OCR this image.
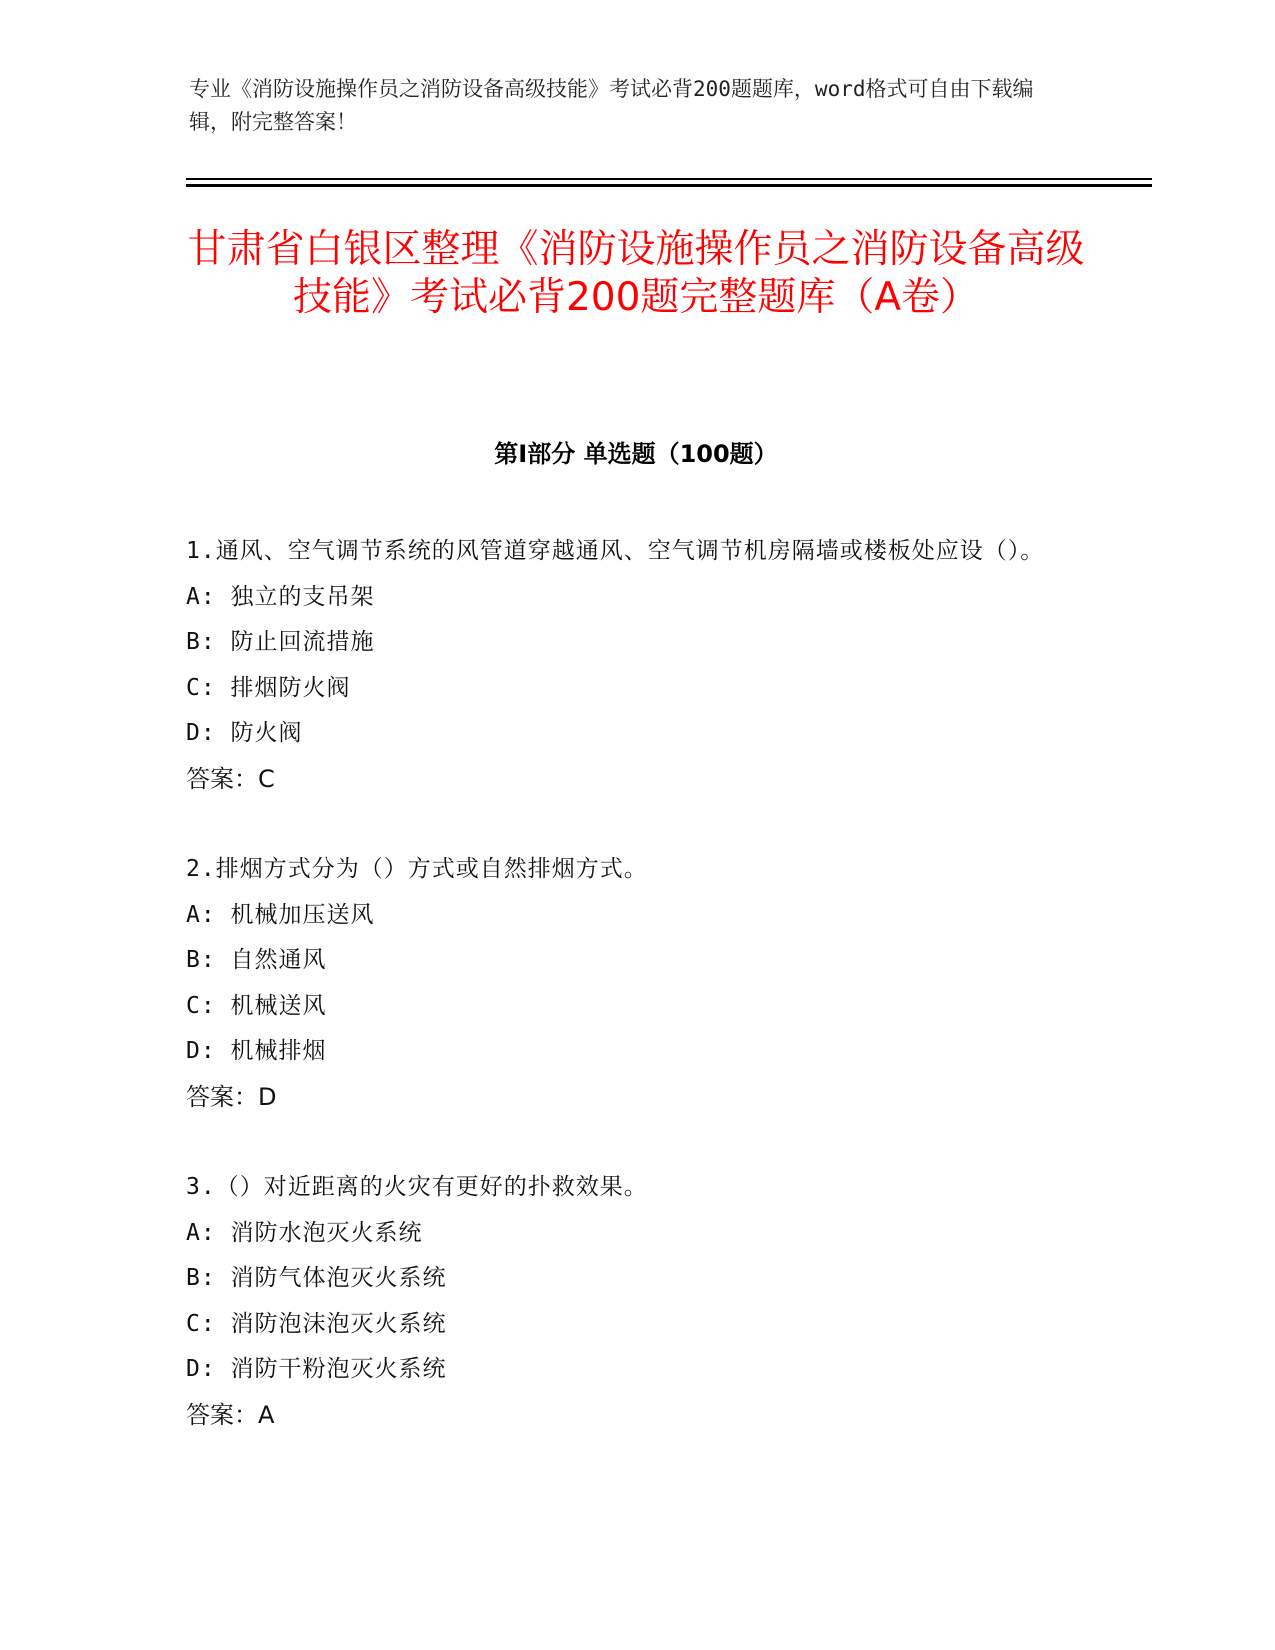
专业《消防设施操作员之消防设备高级技能》考试必背200题题库，word格式可自由下载编辑，附完整答案！

甘肃省白银区整理《消防设施操作员之消防设备高级技能》考试必背200题完整题库（A卷）
第Ⅰ部分 单选题（100题）

1.通风、空气调节系统的风管道穿越通风、空气调节机房隔墙或楼板处应设（）。

A: 独立的支吊架

B: 防止回流措施

C: 排烟防火阀

D: 防火阀

答案：C

2.排烟方式分为（）方式或自然排烟方式。

A: 机械加压送风

B: 自然通风

C: 机械送风

D: 机械排烟

答案：D

3.（）对近距离的火灾有更好的扑救效果。

A: 消防水泡灭火系统

B: 消防气体泡灭火系统

C: 消防泡沫泡灭火系统

D: 消防干粉泡灭火系统

答案：A
